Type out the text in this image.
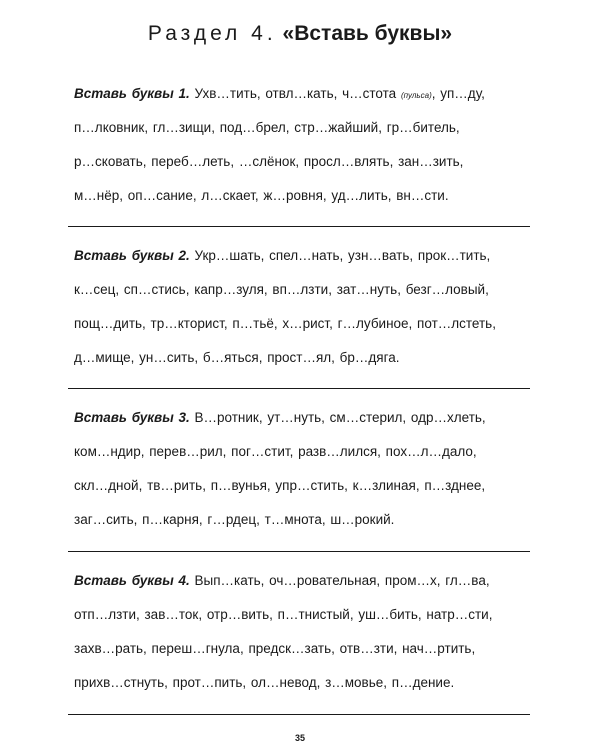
Раздел 4. «Вставь буквы»
Вставь буквы 1. Ухв…тить, отвл…кать, ч…стота (пульса), уп…ду,
п…лковник, гл…зищи, под…брел, стр…жайший, гр…битель,
р…сковать, переб…леть, …слёнок, просл…влять, зан…зить,
м…нёр, оп…сание, л…скает, ж…ровня, уд…лить, вн…сти.
Вставь буквы 2. Укр…шать, спел…нать, узн…вать, прок…тить,
к…сец, сп…стись, капр…зуля, вп…лзти, зат…нуть, безг…ловый,
пощ…дить, тр…кторист, п…тьё, х…рист, г…лубиное, пот…лстеть,
д…мище, ун…сить, б…яться, прост…ял, бр…дяга.
Вставь буквы 3. В…ротник, ут…нуть, см…стерил, одр…хлеть,
ком…ндир, перев…рил, пог…стит, разв…лился, пох…л…дало,
скл…дной, тв…рить, п…вунья, упр…стить, к…злиная, п…зднее,
заг…сить, п…карня, г…рдец, т…мнота, ш…рокий.
Вставь буквы 4. Вып…кать, оч…ровательная, пром…х, гл…ва,
отп…лзти, зав…ток, отр…вить, п…тнистый, уш…бить, натр…сти,
захв…рать, переш…гнула, предск…зать, отв…зти, нач…ртить,
прихв…стнуть, прот…пить, ол…невод, з…мовье, п…дение.
35
